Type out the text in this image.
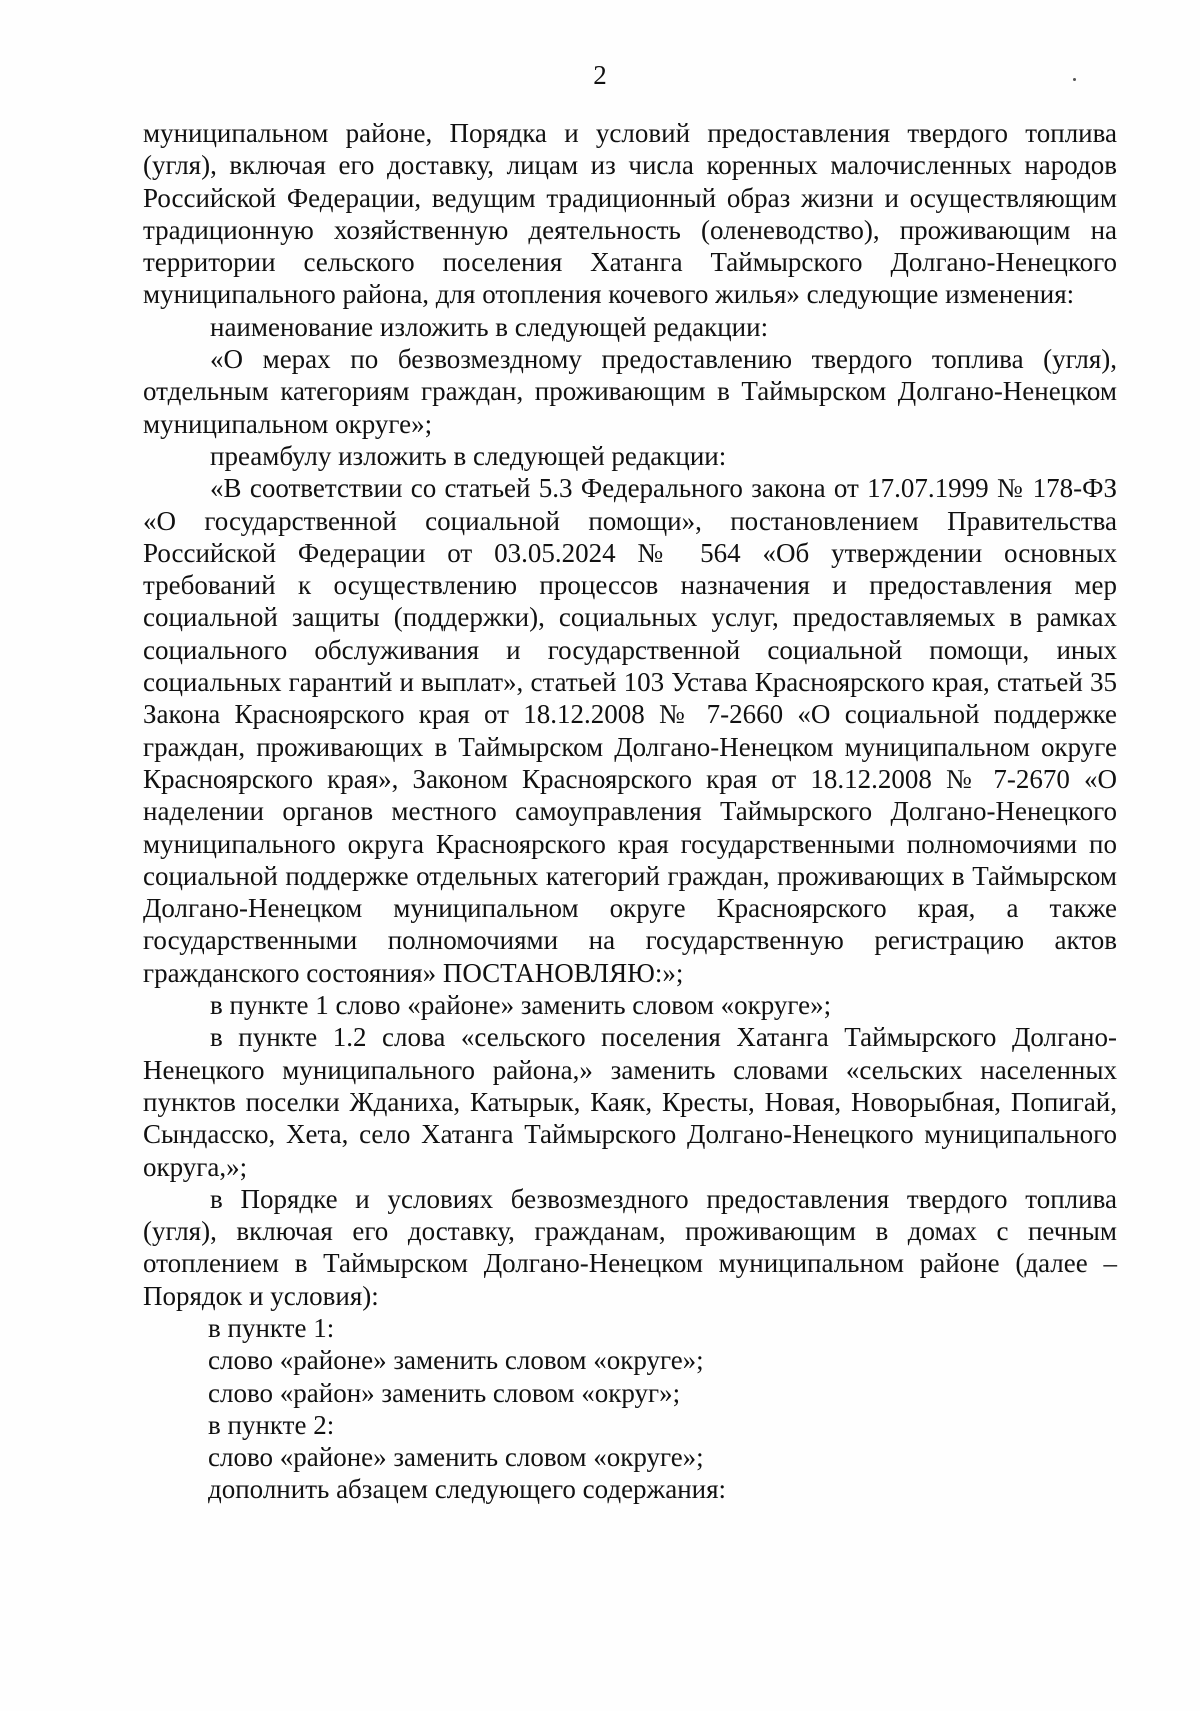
2

муниципальном районе, Порядка и условий предоставления твердого топлива (угля), включая его доставку, лицам из числа коренных малочисленных народов Российской Федерации, ведущим традиционный образ жизни и осуществляющим традиционную хозяйственную деятельность (оленеводство), проживающим на территории сельского поселения Хатанга Таймырского Долгано-Ненецкого муниципального района, для отопления кочевого жилья» следующие изменения:

наименование изложить в следующей редакции:

«О мерах по безвозмездному предоставлению твердого топлива (угля), отдельным категориям граждан, проживающим в Таймырском Долгано-Ненецком муниципальном округе»;

преамбулу изложить в следующей редакции:

«В соответствии со статьей 5.3 Федерального закона от 17.07.1999 № 178-ФЗ «О государственной социальной помощи», постановлением Правительства Российской Федерации от 03.05.2024 № 564 «Об утверждении основных требований к осуществлению процессов назначения и предоставления мер социальной защиты (поддержки), социальных услуг, предоставляемых в рамках социального обслуживания и государственной социальной помощи, иных социальных гарантий и выплат», статьей 103 Устава Красноярского края, статьей 35 Закона Красноярского края от 18.12.2008 № 7-2660 «О социальной поддержке граждан, проживающих в Таймырском Долгано-Ненецком муниципальном округе Красноярского края», Законом Красноярского края от 18.12.2008 № 7-2670 «О наделении органов местного самоуправления Таймырского Долгано-Ненецкого муниципального округа Красноярского края государственными полномочиями по социальной поддержке отдельных категорий граждан, проживающих в Таймырском Долгано-Ненецком муниципальном округе Красноярского края, а также государственными полномочиями на государственную регистрацию актов гражданского состояния» ПОСТАНОВЛЯЮ:»;

в пункте 1 слово «районе» заменить словом «округе»;

в пункте 1.2 слова «сельского поселения Хатанга Таймырского Долгано-Ненецкого муниципального района,» заменить словами «сельских населенных пунктов поселки Жданиха, Катырык, Каяк, Кресты, Новая, Новорыбная, Попигай, Сындасско, Хета, село Хатанга Таймырского Долгано-Ненецкого муниципального округа,»;

в Порядке и условиях безвозмездного предоставления твердого топлива (угля), включая его доставку, гражданам, проживающим в домах с печным отоплением в Таймырском Долгано-Ненецком муниципальном районе (далее – Порядок и условия):

в пункте 1:

слово «районе» заменить словом «округе»;

слово «район» заменить словом «округ»;

в пункте 2:

слово «районе» заменить словом «округе»;

дополнить абзацем следующего содержания:
